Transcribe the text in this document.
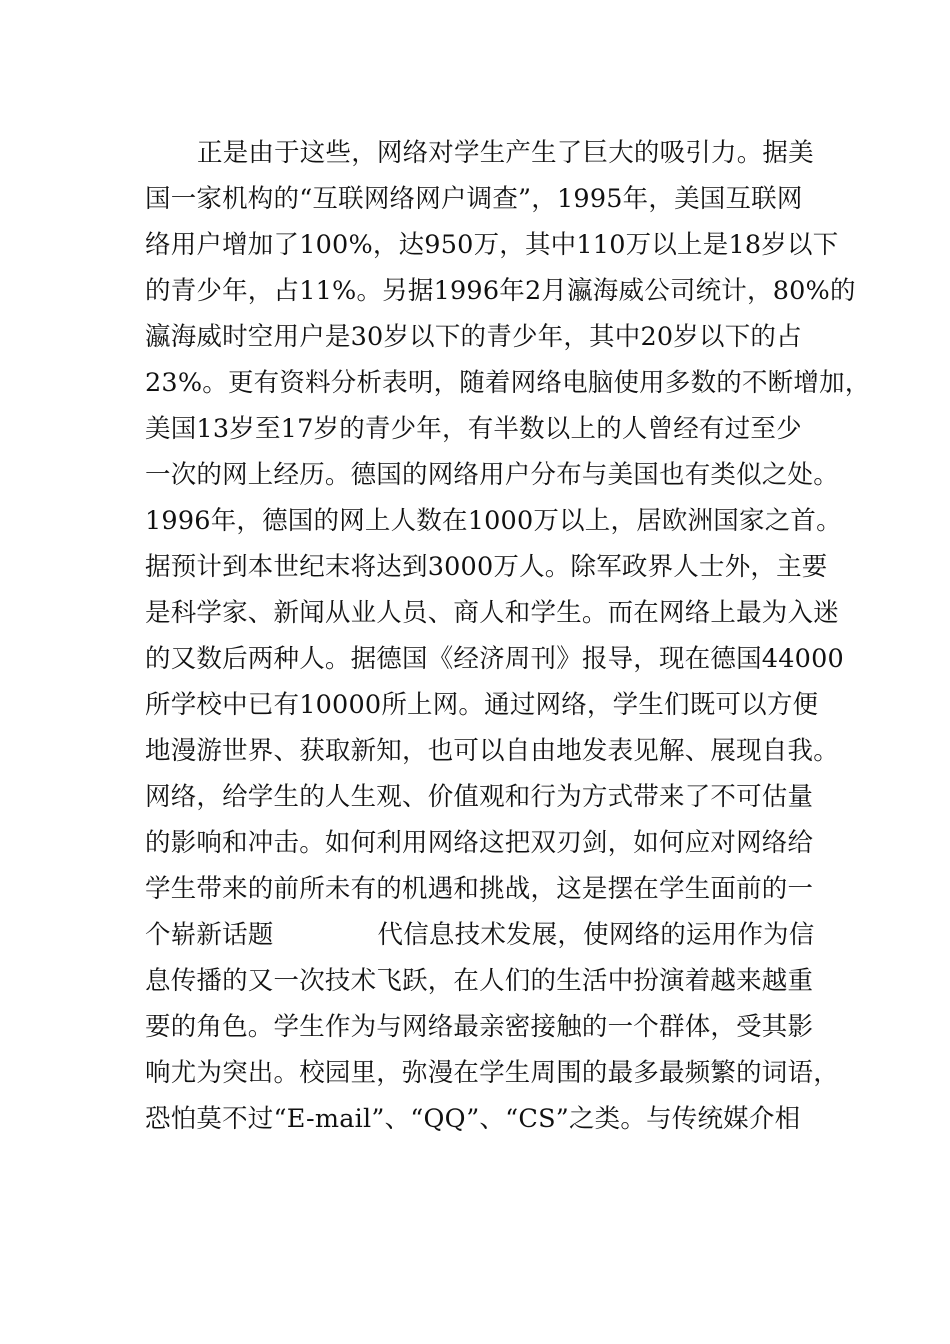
正是由于这些，网络对学生产生了巨大的吸引力。据美
国一家机构的“互联网络网户调查”，1995年，美国互联网
络用户增加了100%，达950万，其中110万以上是18岁以下
的青少年，占11%。另据1996年2月瀛海威公司统计，80%的
瀛海威时空用户是30岁以下的青少年，其中20岁以下的占
23%。更有资料分析表明，随着网络电脑使用多数的不断增加，
美国13岁至17岁的青少年，有半数以上的人曾经有过至少
一次的网上经历。德国的网络用户分布与美国也有类似之处。
1996年，德国的网上人数在1000万以上，居欧洲国家之首。
据预计到本世纪末将达到3000万人。除军政界人士外，主要
是科学家、新闻从业人员、商人和学生。而在网络上最为入迷
的又数后两种人。据德国《经济周刊》报导，现在德国44000
所学校中已有10000所上网。通过网络，学生们既可以方便
地漫游世界、获取新知，也可以自由地发表见解、展现自我。
网络，给学生的人生观、价值观和行为方式带来了不可估量
的影响和冲击。如何利用网络这把双刃剑，如何应对网络给
学生带来的前所未有的机遇和挑战，这是摆在学生面前的一
个崭新话题	代信息技术发展，使网络的运用作为信
息传播的又一次技术飞跃，在人们的生活中扮演着越来越重
要的角色。学生作为与网络最亲密接触的一个群体，受其影
响尤为突出。校园里，弥漫在学生周围的最多最频繁的词语，
恐怕莫不过“E-mail”、“QQ”、“CS”之类。与传统媒介相
